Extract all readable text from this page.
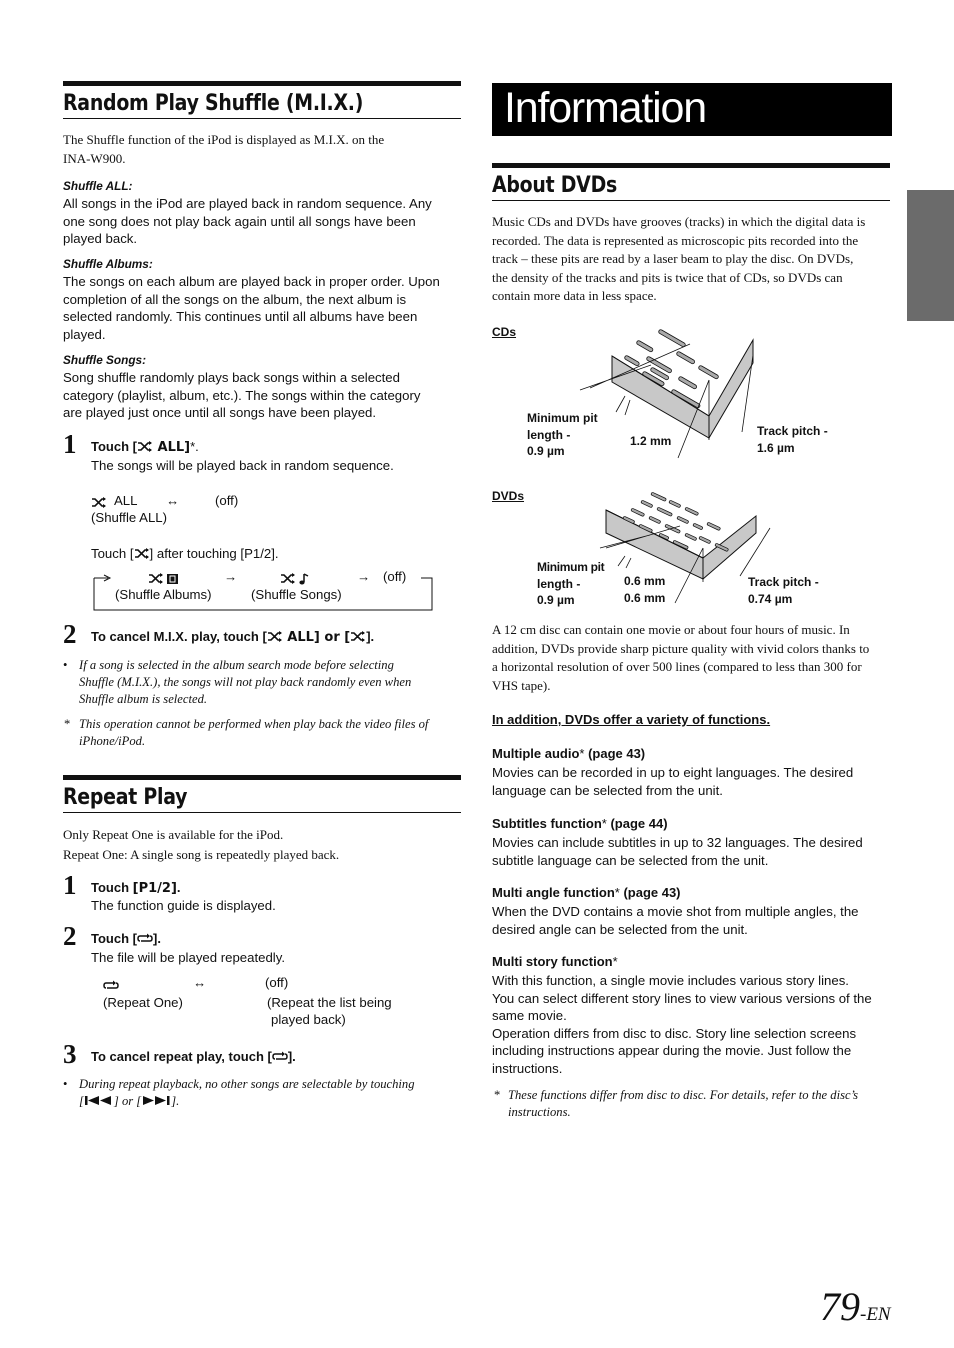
Random Play Shuffle (M.I.X.)
The Shuffle function of the iPod is displayed as M.I.X. on the
INA-W900.
Shuffle ALL:
All songs in the iPod are played back in random sequence. Any
one song does not play back again until all songs have been
played back.
Shuffle Albums:
The songs on each album are played back in proper order. Upon
completion of all the songs on the album, the next album is
selected randomly. This continues until all albums have been
played.
Shuffle Songs:
Song shuffle randomly plays back songs within a selected
category (playlist, album, etc.). The songs within the category
are played just once until all songs have been played.
1 Touch [ ALL]*.
The songs will be played back in random sequence.
ALL ↔	(off)
(Shuffle ALL)
Touch [ ] after touching [P1/2].
→	→ (off)
(Shuffle Albums)	(Shuffle Songs)
2 To cancel M.I.X. play, touch [ ALL] or [ ].
• If a song is selected in the album search mode before selecting
Shuffle (M.I.X.), the songs will not play back randomly even when
Shuffle album is selected.
* This operation cannot be performed when play back the video files of
iPhone/iPod.
Repeat Play
Only Repeat One is available for the iPod.
Repeat One: A single song is repeatedly played back.
1 Touch [P1/2].
The function guide is displayed.
2 Touch [ ].
The file will be played repeatedly.
↔	(off)
(Repeat One)	(Repeat the list being
played back)
3 To cancel repeat play, touch [ ].
• During repeat playback, no other songs are selectable by touching
[ ] or [ ].
Information
About DVDs
Music CDs and DVDs have grooves (tracks) in which the digital data is
recorded. The data is represented as microscopic pits recorded into the
track – these pits are read by a laser beam to play the disc. On DVDs,
the density of the tracks and pits is twice that of CDs, so DVDs can
contain more data in less space.
CDs
Minimum pit
length -
0.9 µm
1.2 mm
Track pitch -
1.6 µm
DVDs
Minimum pit
length -
0.9 µm
0.6 mm
0.6 mm
Track pitch -
0.74 µm
A 12 cm disc can contain one movie or about four hours of music. In
addition, DVDs provide sharp picture quality with vivid colors thanks to
a horizontal resolution of over 500 lines (compared to less than 300 for
VHS tape).
In addition, DVDs offer a variety of functions.
Multiple audio* (page 43)
Movies can be recorded in up to eight languages. The desired
language can be selected from the unit.
Subtitles function* (page 44)
Movies can include subtitles in up to 32 languages. The desired
subtitle language can be selected from the unit.
Multi angle function* (page 43)
When the DVD contains a movie shot from multiple angles, the
desired angle can be selected from the unit.
Multi story function*
With this function, a single movie includes various story lines.
You can select different story lines to view various versions of the
same movie.
Operation differs from disc to disc. Story line selection screens
including instructions appear during the movie. Just follow the
instructions.
* These functions differ from disc to disc. For details, refer to the disc’s
instructions.
79-EN
